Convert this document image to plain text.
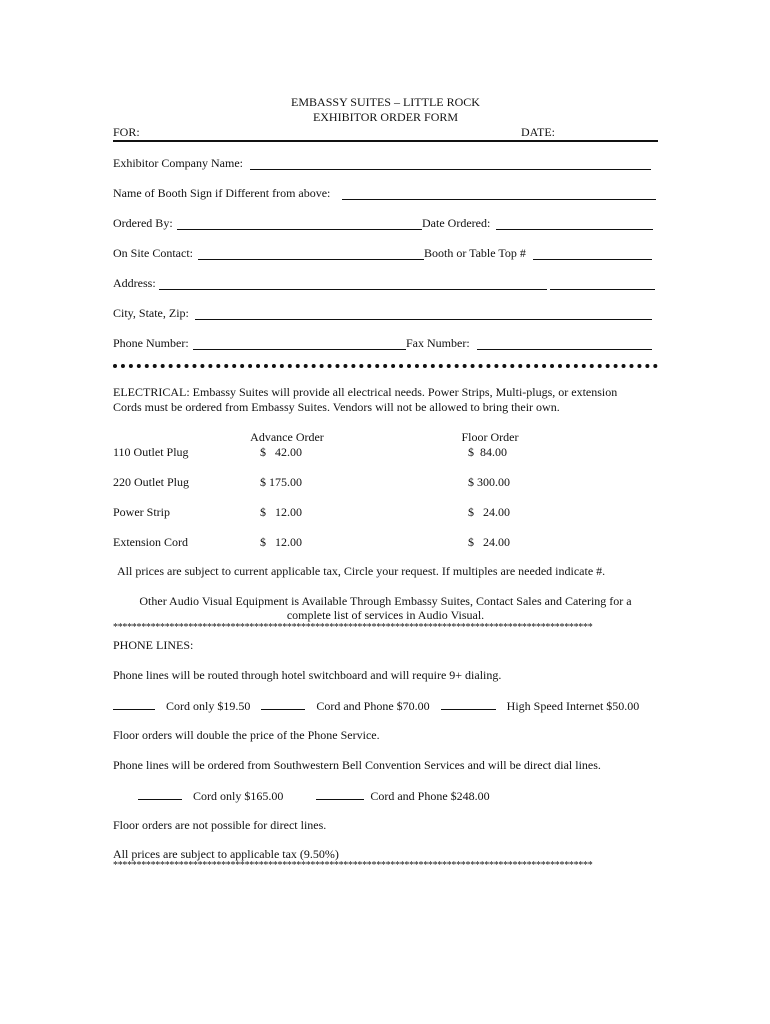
EMBASSY SUITES – LITTLE ROCK
EXHIBITOR ORDER FORM
FOR:	DATE:
Exhibitor Company Name:
Name of Booth Sign if Different from above:
Ordered By:	Date Ordered:
On Site Contact:	Booth or Table Top #
Address:
City, State, Zip:
Phone Number:	Fax Number:
ELECTRICAL: Embassy Suites will provide all electrical needs. Power Strips, Multi-plugs, or extension
Cords must be ordered from Embassy Suites. Vendors will not be allowed to bring their own.
Advance Order	Floor Order
110 Outlet Plug	$   42.00	$  84.00
220 Outlet Plug	$ 175.00	$ 300.00
Power Strip	$   12.00	$   24.00
Extension Cord	$   12.00	$   24.00
All prices are subject to current applicable tax, Circle your request. If multiples are needed indicate #.
Other Audio Visual Equipment is Available Through Embassy Suites, Contact Sales and Catering for a
complete list of services in Audio Visual.
******************************************************************************************************
PHONE LINES:
Phone lines will be routed through hotel switchboard and will require 9+ dialing.
Cord only $19.50	Cord and Phone $70.00	High Speed Internet $50.00
Floor orders will double the price of the Phone Service.
Phone lines will be ordered from Southwestern Bell Convention Services and will be direct dial lines.
Cord only $165.00	Cord and Phone $248.00
Floor orders are not possible for direct lines.
All prices are subject to applicable tax (9.50%)
******************************************************************************************************
